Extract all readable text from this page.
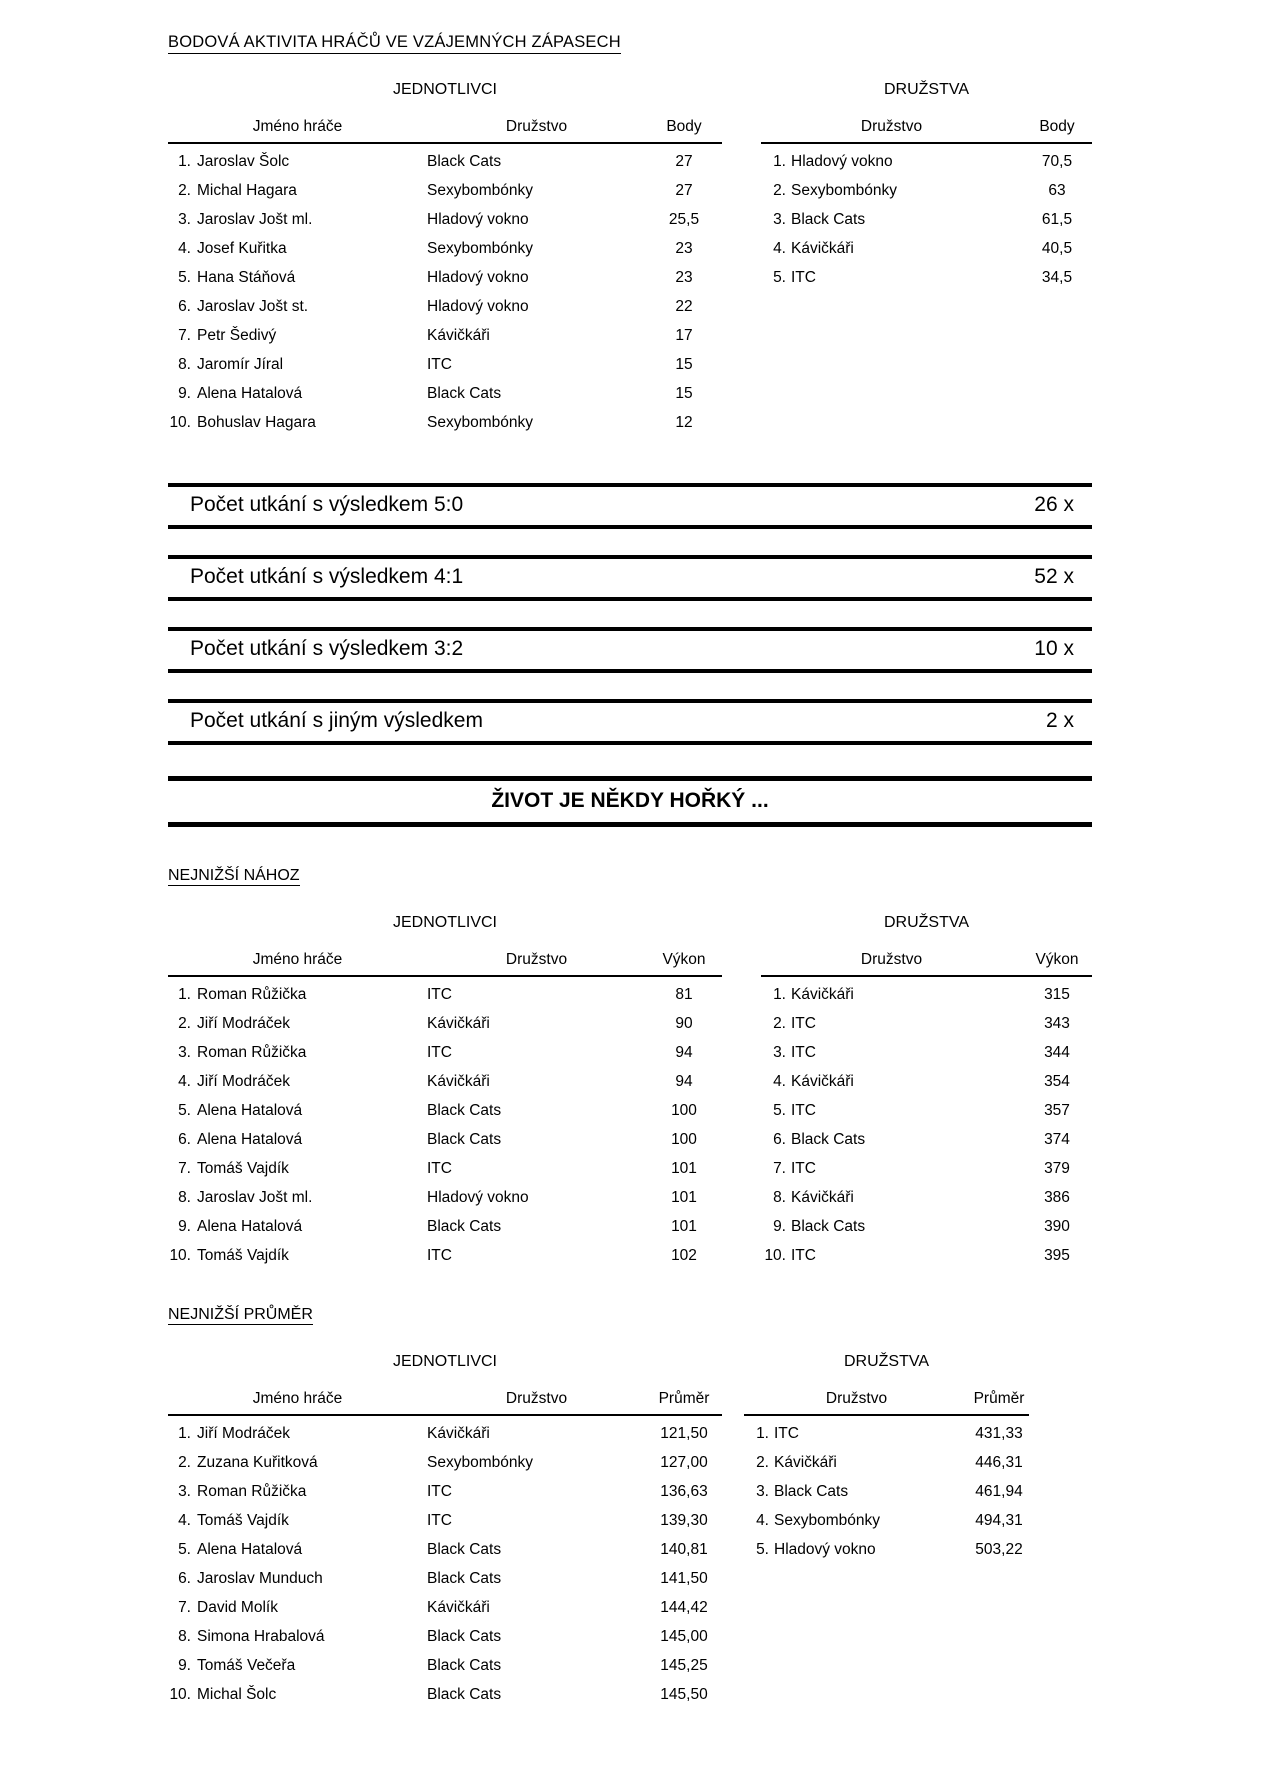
BODOVÁ AKTIVITA HRÁČŮ VE VZÁJEMNÝCH ZÁPASECH
JEDNOTLIVCI
Jméno hráče	Družstvo	Body
1. Jaroslav Šolc	Black Cats	27
2. Michal Hagara	Sexybombónky	27
3. Jaroslav Jošt ml.	Hladový vokno	25,5
4. Josef Kuřitka	Sexybombónky	23
5. Hana Stáňová	Hladový vokno	23
6. Jaroslav Jošt st.	Hladový vokno	22
7. Petr Šedivý	Kávičkáři	17
8. Jaromír Jíral	ITC	15
9. Alena Hatalová	Black Cats	15
10. Bohuslav Hagara	Sexybombónky	12
DRUŽSTVA
Družstvo	Body
1. Hladový vokno	70,5
2. Sexybombónky	63
3. Black Cats	61,5
4. Kávičkáři	40,5
5. ITC	34,5
Počet utkání s výsledkem 5:0	26 x
Počet utkání s výsledkem 4:1	52 x
Počet utkání s výsledkem 3:2	10 x
Počet utkání s jiným výsledkem	2 x
ŽIVOT JE NĚKDY HOŘKÝ ...
NEJNIŽŠÍ NÁHOZ
JEDNOTLIVCI
Jméno hráče	Družstvo	Výkon
1. Roman Růžička	ITC	81
2. Jiří Modráček	Kávičkáři	90
3. Roman Růžička	ITC	94
4. Jiří Modráček	Kávičkáři	94
5. Alena Hatalová	Black Cats	100
6. Alena Hatalová	Black Cats	100
7. Tomáš Vajdík	ITC	101
8. Jaroslav Jošt ml.	Hladový vokno	101
9. Alena Hatalová	Black Cats	101
10. Tomáš Vajdík	ITC	102
DRUŽSTVA
Družstvo	Výkon
1. Kávičkáři	315
2. ITC	343
3. ITC	344
4. Kávičkáři	354
5. ITC	357
6. Black Cats	374
7. ITC	379
8. Kávičkáři	386
9. Black Cats	390
10. ITC	395
NEJNIŽŠÍ PRŮMĚR
JEDNOTLIVCI
Jméno hráče	Družstvo	Průměr
1. Jiří Modráček	Kávičkáři	121,50
2. Zuzana Kuřitková	Sexybombónky	127,00
3. Roman Růžička	ITC	136,63
4. Tomáš Vajdík	ITC	139,30
5. Alena Hatalová	Black Cats	140,81
6. Jaroslav Munduch	Black Cats	141,50
7. David Molík	Kávičkáři	144,42
8. Simona Hrabalová	Black Cats	145,00
9. Tomáš Večeřa	Black Cats	145,25
10. Michal Šolc	Black Cats	145,50
DRUŽSTVA
Družstvo	Průměr
1. ITC	431,33
2. Kávičkáři	446,31
3. Black Cats	461,94
4. Sexybombónky	494,31
5. Hladový vokno	503,22
